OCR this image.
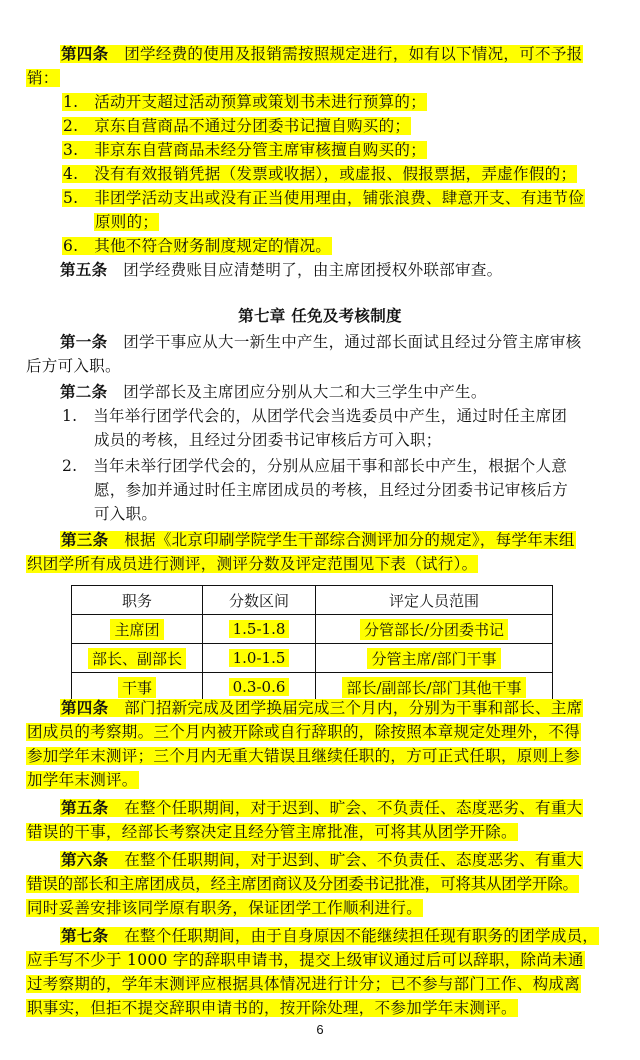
第四条　 团学经费的使用及报销需按照规定进行，如有以下情况，可不予报
销：
1.　 活动开支超过活动预算或策划书未进行预算的；
2.　 京东自营商品不通过分团委书记擅自购买的；
3.　 非京东自营商品未经分管主席审核擅自购买的；
4.　 没有有效报销凭据（发票或收据），或虚报、假报票据，弄虚作假的；
5.　 非团学活动支出或没有正当使用理由，铺张浪费、肆意开支、有违节俭
原则的；
6.　 其他不符合财务制度规定的情况。
第五条　 团学经费账目应清楚明了，由主席团授权外联部审查。
第七章 任免及考核制度
第一条　 团学干事应从大一新生中产生，通过部长面试且经过分管主席审核
后方可入职。
第二条　 团学部长及主席团应分别从大二和大三学生中产生。
1.　 当年举行团学代会的，从团学代会当选委员中产生，通过时任主席团
成员的考核，且经过分团委书记审核后方可入职；
2.　 当年未举行团学代会的，分别从应届干事和部长中产生，根据个人意
愿，参加并通过时任主席团成员的考核，且经过分团委书记审核后方
可入职。
第三条　 根据《北京印刷学院学生干部综合测评加分的规定》，每学年末组
织团学所有成员进行测评，测评分数及评定范围见下表（试行）。
职务	分数区间	评定人员范围
主席团	1.5-1.8	分管部长/分团委书记
部长、副部长	1.0-1.5	分管主席/部门干事
干事	0.3-0.6	部长/副部长/部门其他干事
第四条　 部门招新完成及团学换届完成三个月内，分别为干事和部长、主席
团成员的考察期。三个月内被开除或自行辞职的，除按照本章规定处理外，不得
参加学年末测评；三个月内无重大错误且继续任职的，方可正式任职，原则上参
加学年末测评。
第五条　 在整个任职期间，对于迟到、旷会、不负责任、态度恶劣、有重大
错误的干事，经部长考察决定且经分管主席批准，可将其从团学开除。
第六条　 在整个任职期间，对于迟到、旷会、不负责任、态度恶劣、有重大
错误的部长和主席团成员，经主席团商议及分团委书记批准，可将其从团学开除。
同时妥善安排该同学原有职务，保证团学工作顺利进行。
第七条　 在整个任职期间，由于自身原因不能继续担任现有职务的团学成员，
应手写不少于 1000 字的辞职申请书，提交上级审议通过后可以辞职，除尚未通
过考察期的，学年末测评应根据具体情况进行计分；已不参与部门工作、构成离
职事实，但拒不提交辞职申请书的，按开除处理，不参加学年末测评。
6
